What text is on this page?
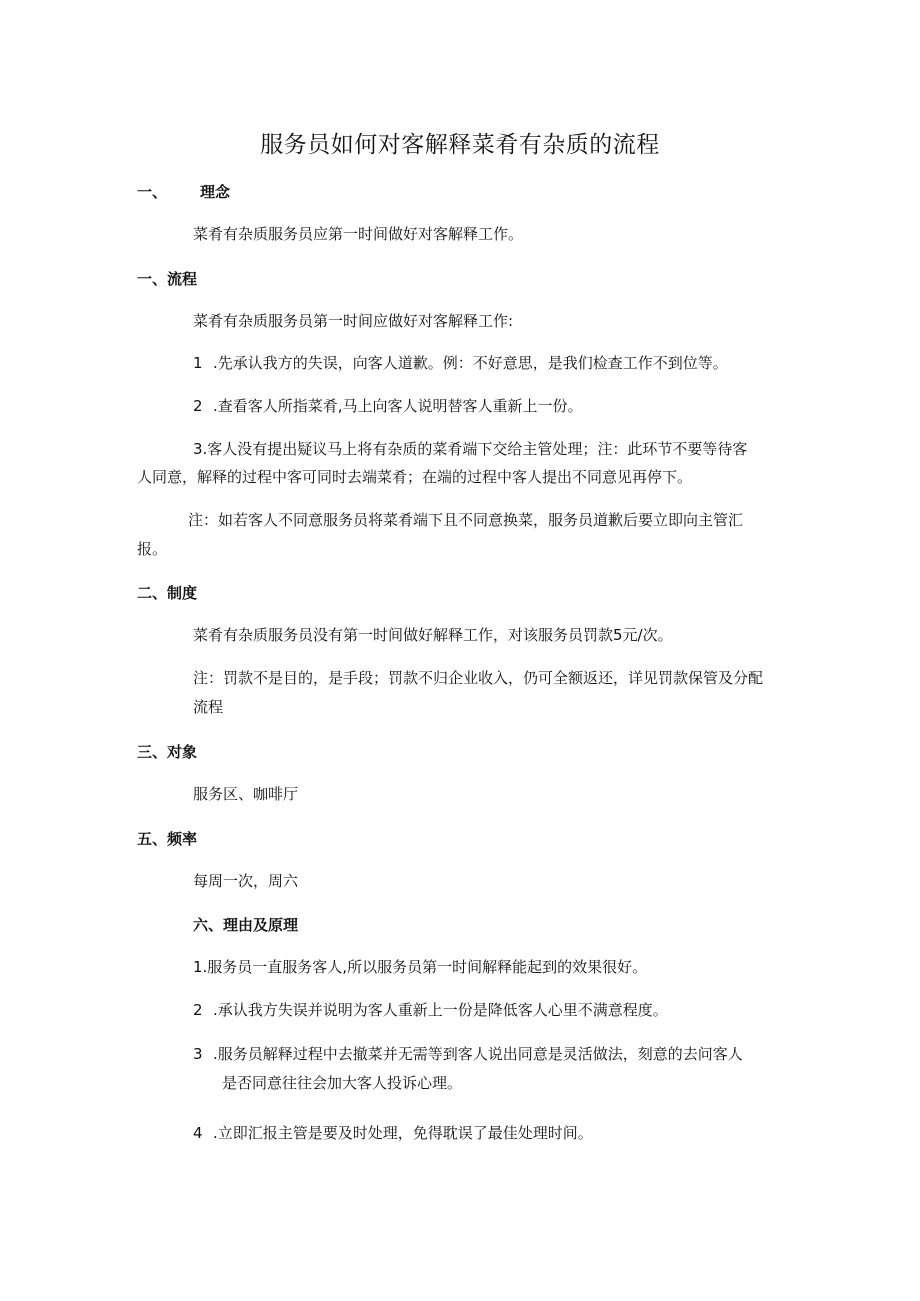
服务员如何对客解释菜肴有杂质的流程
一、 理念
菜肴有杂质服务员应第一时间做好对客解释工作。
一、流程
菜肴有杂质服务员第一时间应做好对客解释工作:
1 .先承认我方的失误，向客人道歉。例：不好意思，是我们检查工作不到位等。
2 .查看客人所指菜肴,马上向客人说明替客人重新上一份。
3.客人没有提出疑议马上将有杂质的菜肴端下交给主管处理；注：此环节不要等待客
人同意，解释的过程中客可同时去端菜肴；在端的过程中客人提出不同意见再停下。
注：如若客人不同意服务员将菜肴端下且不同意换菜，服务员道歉后要立即向主管汇
报。
二、制度
菜肴有杂质服务员没有第一时间做好解释工作，对该服务员罚款5元/次。
注：罚款不是目的，是手段；罚款不归企业收入，仍可全额返还，详见罚款保管及分配
流程
三、对象
服务区、咖啡厅
五、频率
每周一次，周六
六、理由及原理
1.服务员一直服务客人,所以服务员第一时间解释能起到的效果很好。
2 .承认我方失误并说明为客人重新上一份是降低客人心里不满意程度。
3 .服务员解释过程中去撤菜并无需等到客人说出同意是灵活做法，刻意的去问客人
是否同意往往会加大客人投诉心理。
4 .立即汇报主管是要及时处理，免得耽误了最佳处理时间。
